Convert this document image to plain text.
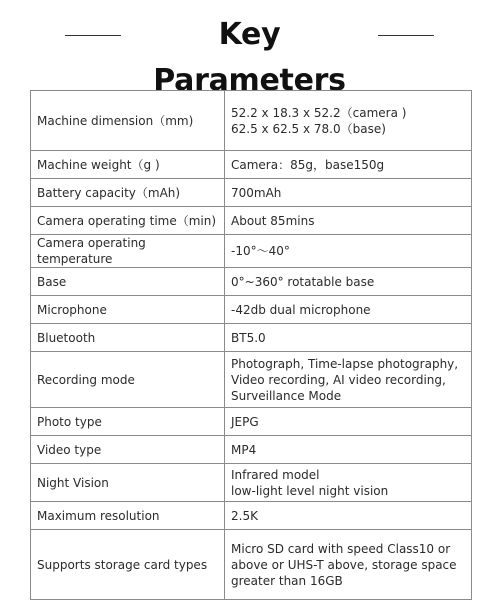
Key Parameters
Machine dimension（mm)	52.2 x 18.3 x 52.2（camera )
62.5 x 62.5 x 78.0（base)

Machine weight（g )	Camera：85g，base150g

Battery capacity（mAh)	700mAh

Camera operating time（min)	About 85mins

Camera operating temperature	-10°～40°

Base	0°~360° rotatable base

Microphone	-42db dual microphone

Bluetooth	BT5.0

Recording mode	Photograph, Time-lapse photography,
Video recording, AI video recording,
Surveillance Mode

Photo type	JEPG

Video type	MP4

Night Vision	Infrared model
low-light level night vision

Maximum resolution	2.5K

Supports storage card types	Micro SD card with speed Class10 or
above or UHS-T above, storage space
greater than 16GB
